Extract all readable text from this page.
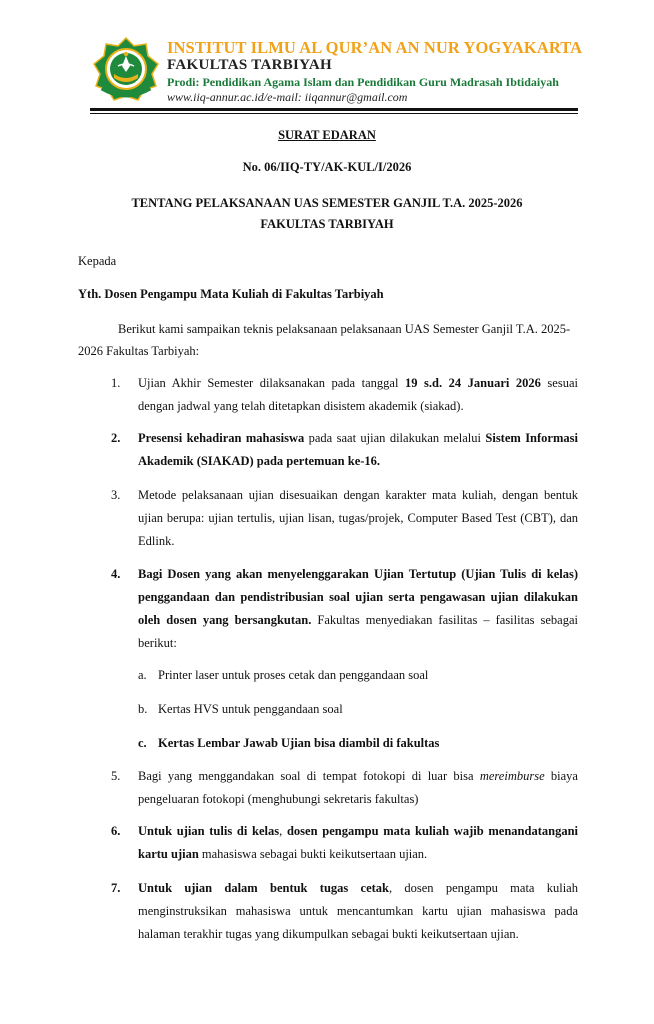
INSTITUT ILMU AL QUR’AN AN NUR YOGYAKARTA
FAKULTAS TARBIYAH
Prodi: Pendidikan Agama Islam dan Pendidikan Guru Madrasah Ibtidaiyah
www.iiq-annur.ac.id/e-mail: iiqannur@gmail.com
SURAT EDARAN
No. 06/IIQ-TY/AK-KUL/I/2026
TENTANG PELAKSANAAN UAS SEMESTER GANJIL T.A. 2025-2026
FAKULTAS TARBIYAH
Kepada
Yth. Dosen Pengampu Mata Kuliah di Fakultas Tarbiyah
Berikut kami sampaikan teknis pelaksanaan pelaksanaan UAS Semester Ganjil T.A. 2025-2026 Fakultas Tarbiyah:
1. Ujian Akhir Semester dilaksanakan pada tanggal 19 s.d. 24 Januari 2026 sesuai dengan jadwal yang telah ditetapkan disistem akademik (siakad).
2. Presensi kehadiran mahasiswa pada saat ujian dilakukan melalui Sistem Informasi Akademik (SIAKAD) pada pertemuan ke-16.
3. Metode pelaksanaan ujian disesuaikan dengan karakter mata kuliah, dengan bentuk ujian berupa: ujian tertulis, ujian lisan, tugas/projek, Computer Based Test (CBT), dan Edlink.
4. Bagi Dosen yang akan menyelenggarakan Ujian Tertutup (Ujian Tulis di kelas) penggandaan dan pendistribusian soal ujian serta pengawasan ujian dilakukan oleh dosen yang bersangkutan. Fakultas menyediakan fasilitas – fasilitas sebagai berikut:
a. Printer laser untuk proses cetak dan penggandaan soal
b. Kertas HVS untuk penggandaan soal
c. Kertas Lembar Jawab Ujian bisa diambil di fakultas
5. Bagi yang menggandakan soal di tempat fotokopi di luar bisa mereimburse biaya pengeluaran fotokopi (menghubungi sekretaris fakultas)
6. Untuk ujian tulis di kelas, dosen pengampu mata kuliah wajib menandatangani kartu ujian mahasiswa sebagai bukti keikutsertaan ujian.
7. Untuk ujian dalam bentuk tugas cetak, dosen pengampu mata kuliah menginstruksikan mahasiswa untuk mencantumkan kartu ujian mahasiswa pada halaman terakhir tugas yang dikumpulkan sebagai bukti keikutsertaan ujian.
